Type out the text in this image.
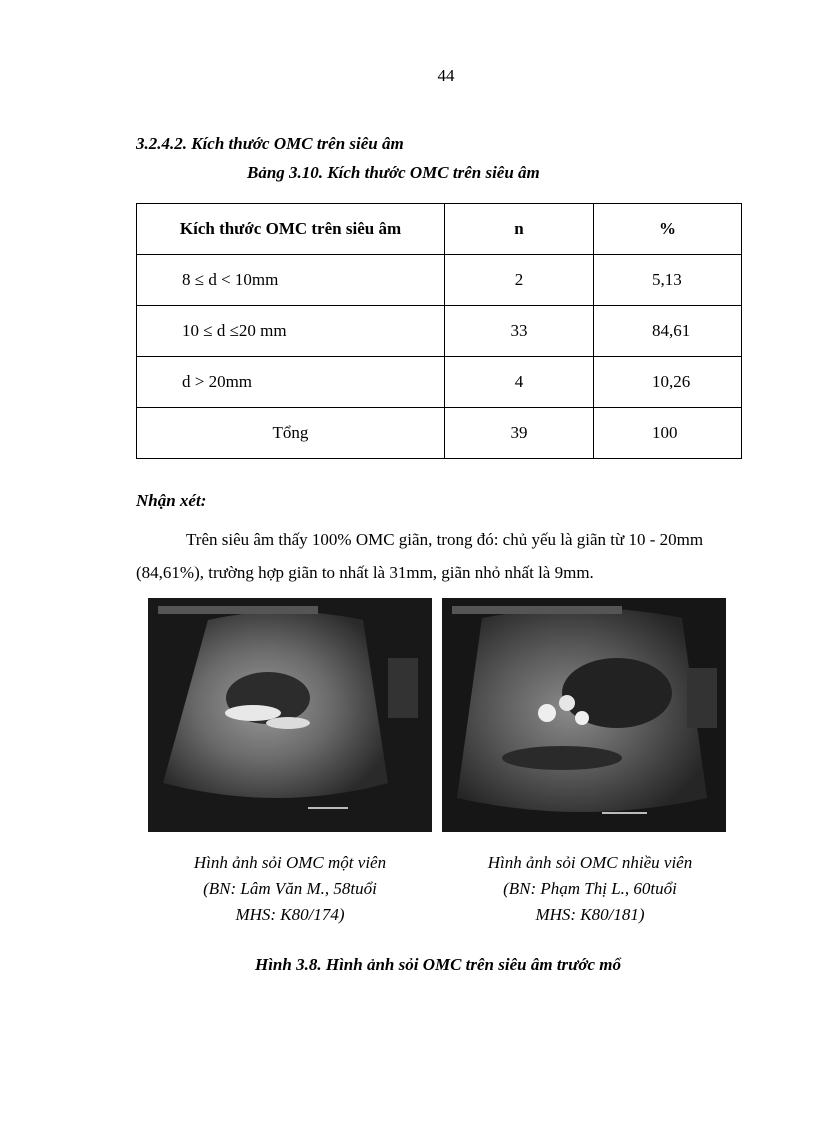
44
3.2.4.2. Kích thước OMC trên siêu âm
Bảng 3.10. Kích thước OMC trên siêu âm
Kích thước OMC trên siêu âm	n	%
8 ≤ d < 10mm	2	5,13
10 ≤ d ≤20 mm	33	84,61
d > 20mm	4	10,26
Tổng	39	100
Nhận xét:
Trên siêu âm thấy 100% OMC giãn, trong đó: chủ yếu là giãn từ 10 - 20mm
(84,61%), trường hợp giãn to nhất là 31mm, giãn nhỏ nhất là 9mm.
Hình ảnh sỏi OMC một viên
(BN: Lâm Văn M., 58tuổi
MHS: K80/174)
Hình ảnh sỏi OMC nhiều viên
(BN: Phạm Thị L., 60tuổi
MHS: K80/181)
Hình 3.8. Hình ảnh sỏi OMC trên siêu âm trước mổ
